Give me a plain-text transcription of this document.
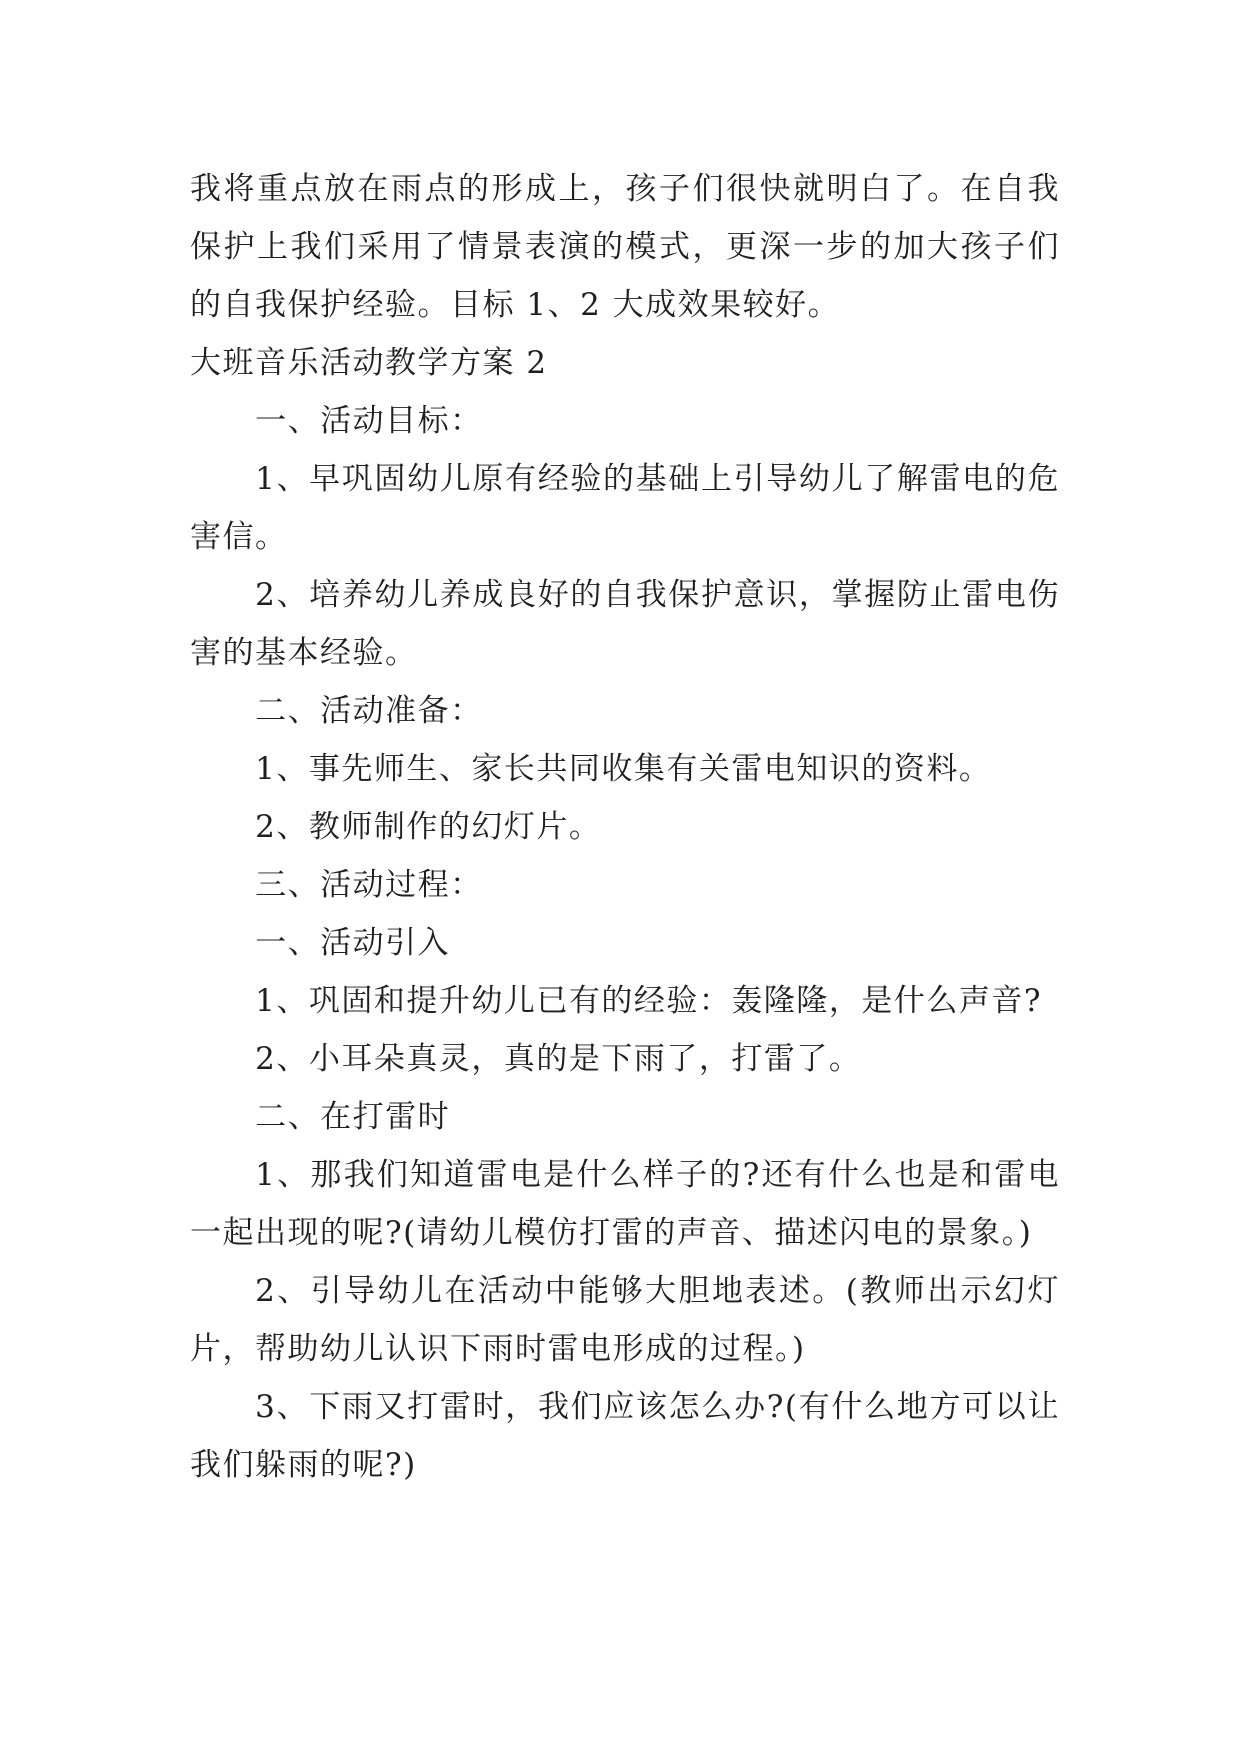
我将重点放在雨点的形成上，孩子们很快就明白了。在自我保护上我们采用了情景表演的模式，更深一步的加大孩子们的自我保护经验。目标 1、2 大成效果较好。

大班音乐活动教学方案 2

一、活动目标：

1、早巩固幼儿原有经验的基础上引导幼儿了解雷电的危害信。

2、培养幼儿养成良好的自我保护意识，掌握防止雷电伤害的基本经验。

二、活动准备：

1、事先师生、家长共同收集有关雷电知识的资料。

2、教师制作的幻灯片。

三、活动过程：

一、活动引入

1、巩固和提升幼儿已有的经验：轰隆隆，是什么声音?

2、小耳朵真灵，真的是下雨了，打雷了。

二、在打雷时

1、那我们知道雷电是什么样子的?还有什么也是和雷电一起出现的呢?(请幼儿模仿打雷的声音、描述闪电的景象。)

2、引导幼儿在活动中能够大胆地表述。(教师出示幻灯片，帮助幼儿认识下雨时雷电形成的过程。)

3、下雨又打雷时，我们应该怎么办?(有什么地方可以让我们躲雨的呢?)
